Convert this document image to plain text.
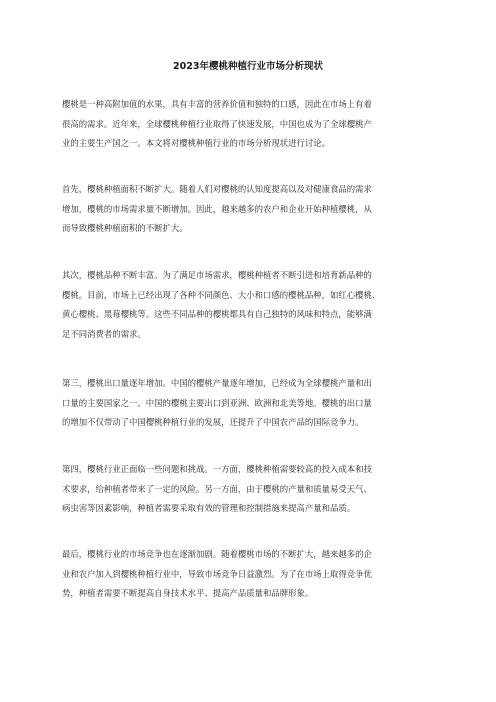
2023年樱桃种植行业市场分析现状
樱桃是一种高附加值的水果，具有丰富的营养价值和独特的口感，因此在市场上有着
很高的需求。近年来，全球樱桃种植行业取得了快速发展，中国也成为了全球樱桃产
业的主要生产国之一。本文将对樱桃种植行业的市场分析现状进行讨论。
首先，樱桃种植面积不断扩大。随着人们对樱桃的认知度提高以及对健康食品的需求
增加，樱桃的市场需求量不断增加。因此，越来越多的农户和企业开始种植樱桃，从
而导致樱桃种植面积的不断扩大。
其次，樱桃品种不断丰富。为了满足市场需求，樱桃种植者不断引进和培育新品种的
樱桃。目前，市场上已经出现了各种不同颜色、大小和口感的樱桃品种，如红心樱桃、
黄心樱桃、黑莓樱桃等。这些不同品种的樱桃都具有自己独特的风味和特点，能够满
足不同消费者的需求。
第三，樱桃出口量逐年增加。中国的樱桃产量逐年增加，已经成为全球樱桃产量和出
口量的主要国家之一。中国的樱桃主要出口到亚洲、欧洲和北美等地。樱桃的出口量
的增加不仅带动了中国樱桃种植行业的发展，还提升了中国农产品的国际竞争力。
第四，樱桃行业正面临一些问题和挑战。一方面，樱桃种植需要较高的投入成本和技
术要求，给种植者带来了一定的风险。另一方面，由于樱桃的产量和质量易受天气、
病虫害等因素影响，种植者需要采取有效的管理和控制措施来提高产量和品质。
最后，樱桃行业的市场竞争也在逐渐加剧。随着樱桃市场的不断扩大，越来越多的企
业和农户加入到樱桃种植行业中，导致市场竞争日益激烈。为了在市场上取得竞争优
势，种植者需要不断提高自身技术水平、提高产品质量和品牌形象。
